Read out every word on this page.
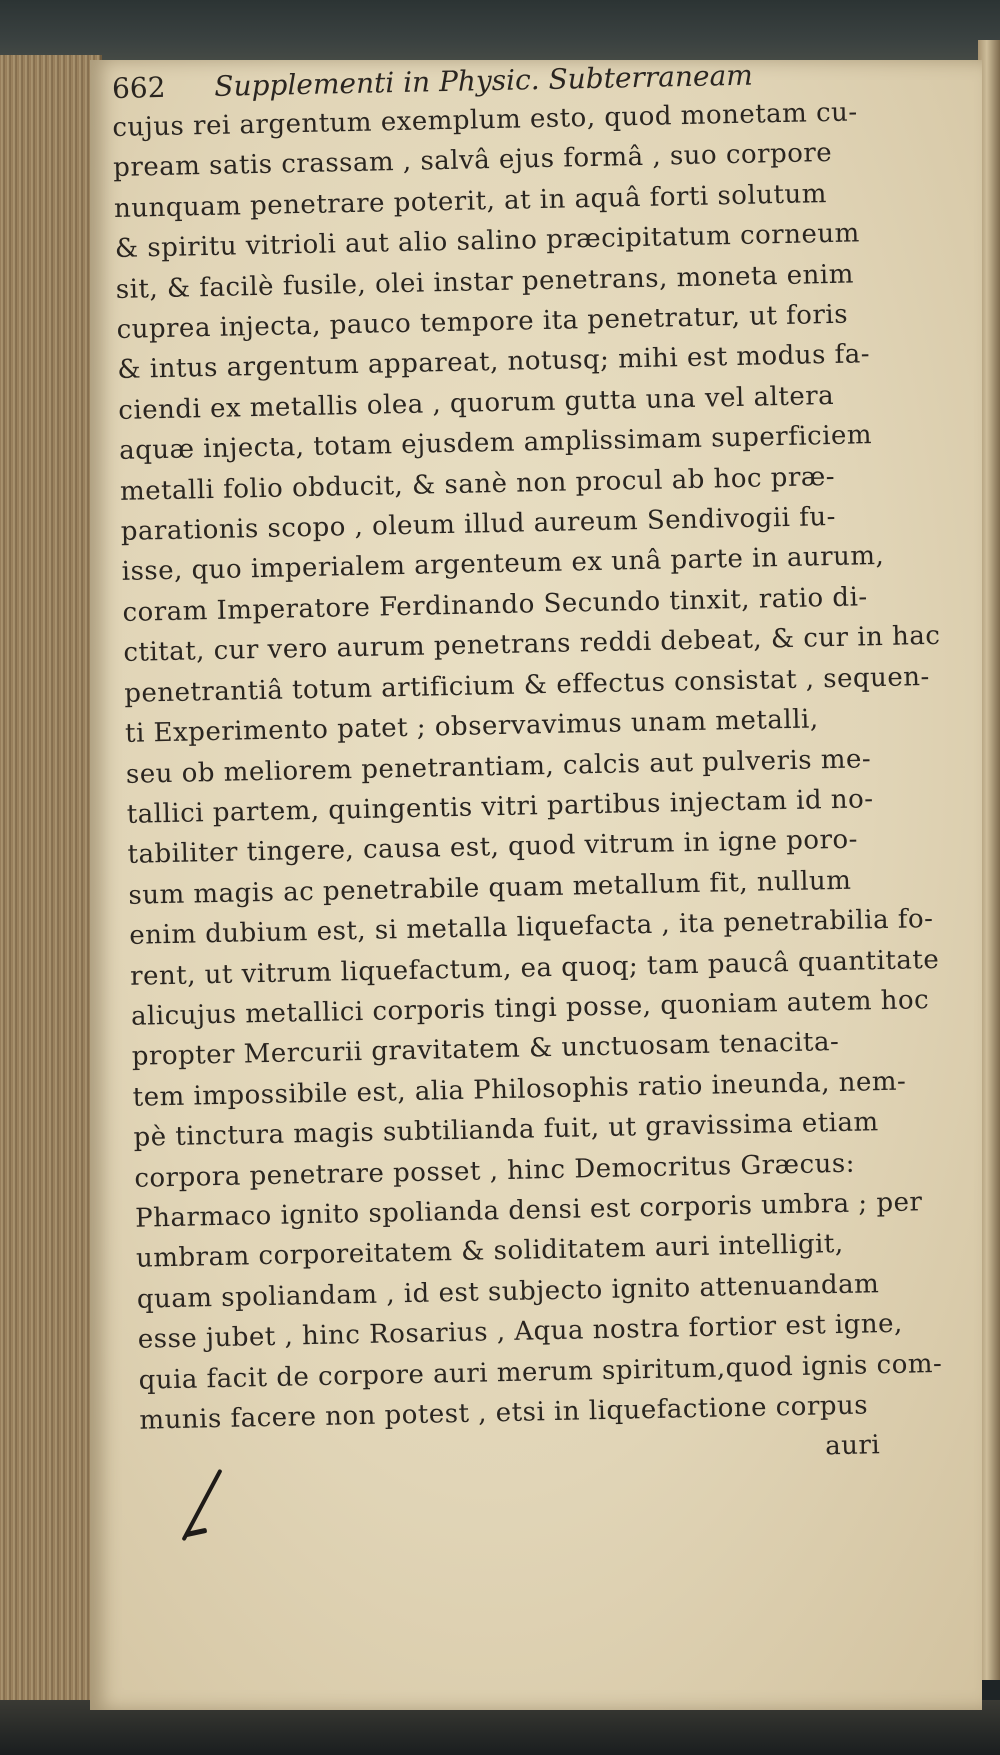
662 Supplementi in Physic. Subterraneam
cujus rei argentum exemplum esto, quod monetam cu-
pream satis crassam , salvâ ejus formâ , suo corpore
nunquam penetrare poterit, at in aquâ forti solutum
& spiritu vitrioli aut alio salino præcipitatum corneum
sit, & facilè fusile, olei instar penetrans, moneta enim
cuprea injecta, pauco tempore ita penetratur, ut foris
& intus argentum appareat, notusq; mihi est modus fa-
ciendi ex metallis olea , quorum gutta una vel altera
aquæ injecta, totam ejusdem amplissimam superficiem
metalli folio obducit, & sanè non procul ab hoc præ-
parationis scopo , oleum illud aureum Sendivogii fu-
isse, quo imperialem argenteum ex unâ parte in aurum,
coram Imperatore Ferdinando Secundo tinxit, ratio di-
ctitat, cur vero aurum penetrans reddi debeat, & cur in hac
penetrantiâ totum artificium & effectus consistat , sequen-
ti Experimento patet ; observavimus unam metalli,
seu ob meliorem penetrantiam, calcis aut pulveris me-
tallici partem, quingentis vitri partibus injectam id no-
tabiliter tingere, causa est, quod vitrum in igne poro-
sum magis ac penetrabile quam metallum fit, nullum
enim dubium est, si metalla liquefacta , ita penetrabilia fo-
rent, ut vitrum liquefactum, ea quoq; tam paucâ quantitate
alicujus metallici corporis tingi posse, quoniam autem hoc
propter Mercurii gravitatem & unctuosam tenacita-
tem impossibile est, alia Philosophis ratio ineunda, nem-
pè tinctura magis subtilianda fuit, ut gravissima etiam
corpora penetrare posset , hinc Democritus Græcus:
Pharmaco ignito spolianda densi est corporis umbra ; per
umbram corporeitatem & soliditatem auri intelligit,
quam spoliandam , id est subjecto ignito attenuandam
esse jubet , hinc Rosarius , Aqua nostra fortior est igne,
quia facit de corpore auri merum spiritum,quod ignis com-
munis facere non potest , etsi in liquefactione corpus
auri
